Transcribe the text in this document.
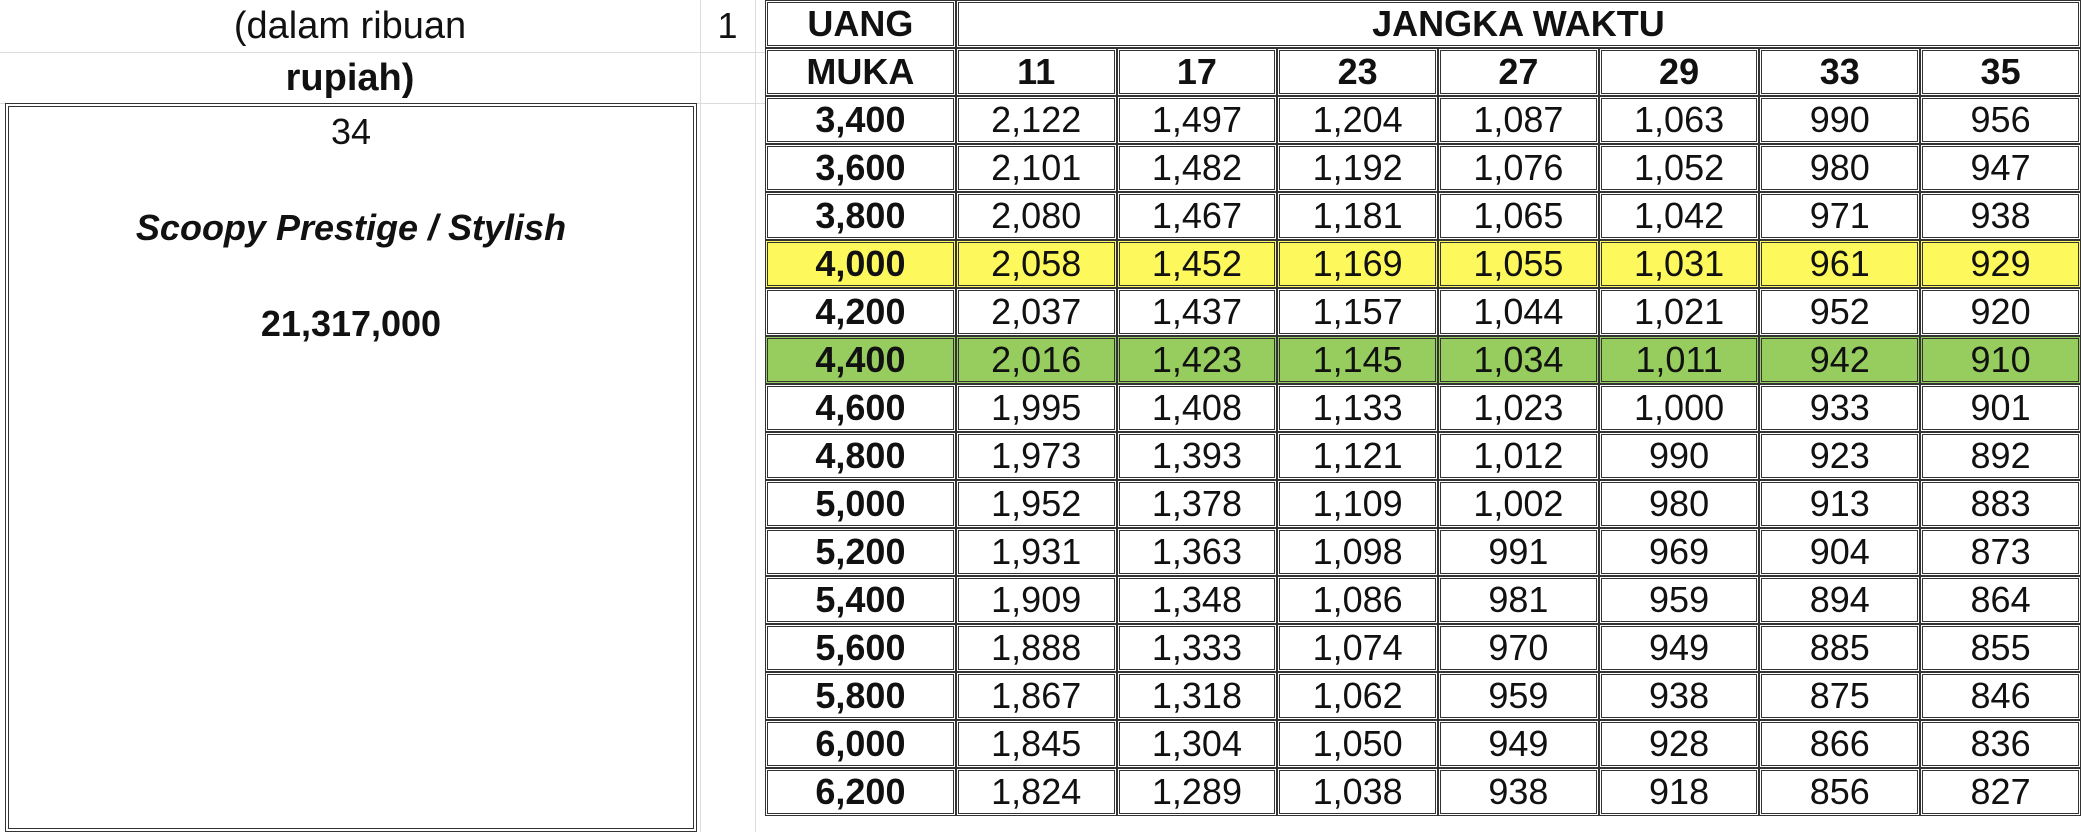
(dalam ribuan
rupiah)
1
34
Scoopy Prestige / Stylish
21,317,000
UANG	JANGKA WAKTU						
MUKA	11	17	23	27	29	33	35
3,400	2,122	1,497	1,204	1,087	1,063	990	956
3,600	2,101	1,482	1,192	1,076	1,052	980	947
3,800	2,080	1,467	1,181	1,065	1,042	971	938
4,000	2,058	1,452	1,169	1,055	1,031	961	929
4,200	2,037	1,437	1,157	1,044	1,021	952	920
4,400	2,016	1,423	1,145	1,034	1,011	942	910
4,600	1,995	1,408	1,133	1,023	1,000	933	901
4,800	1,973	1,393	1,121	1,012	990	923	892
5,000	1,952	1,378	1,109	1,002	980	913	883
5,200	1,931	1,363	1,098	991	969	904	873
5,400	1,909	1,348	1,086	981	959	894	864
5,600	1,888	1,333	1,074	970	949	885	855
5,800	1,867	1,318	1,062	959	938	875	846
6,000	1,845	1,304	1,050	949	928	866	836
6,200	1,824	1,289	1,038	938	918	856	827
